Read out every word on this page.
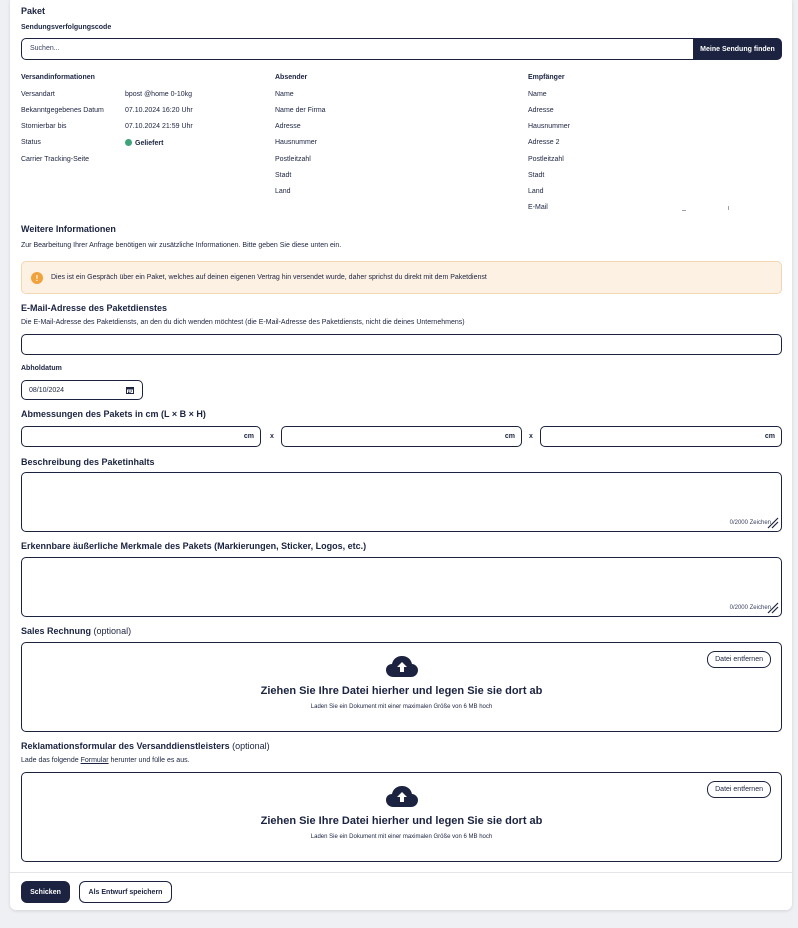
Paket
Sendungsverfolgungscode
Suchen...	Meine Sendung finden
Versandinformationen
Versandart	bpost @home 0-10kg
Bekanntgegebenes Datum	07.10.2024 16:20 Uhr
Stornierbar bis	07.10.2024 21:59 Uhr
Status	Geliefert
Carrier Tracking-Seite
Absender
Name
Name der Firma
Adresse
Hausnummer
Postleitzahl
Stadt
Land
Empfänger
Name
Adresse
Hausnummer
Adresse 2
Postleitzahl
Stadt
Land
E-Mail
Weitere Informationen
Zur Bearbeitung Ihrer Anfrage benötigen wir zusätzliche Informationen. Bitte geben Sie diese unten ein.
!	Dies ist ein Gespräch über ein Paket, welches auf deinen eigenen Vertrag hin versendet wurde, daher sprichst du direkt mit dem Paketdienst
E-Mail-Adresse des Paketdienstes
Die E-Mail-Adresse des Paketdiensts, an den du dich wenden möchtest (die E-Mail-Adresse des Paketdiensts, nicht die deines Unternehmens)
Abholdatum
08/10/2024
Abmessungen des Pakets in cm (L × B × H)
cm x	cm x	cm
Beschreibung des Paketinhalts
0/2000 Zeichen
Erkennbare äußerliche Merkmale des Pakets (Markierungen, Sticker, Logos, etc.)
0/2000 Zeichen
Sales Rechnung (optional)
Ziehen Sie Ihre Datei hierher und legen Sie sie dort ab
Laden Sie ein Dokument mit einer maximalen Größe von 6 MB hoch
Datei entfernen
Reklamationsformular des Versanddienstleisters (optional)
Lade das folgende Formular herunter und fülle es aus.
Ziehen Sie Ihre Datei hierher und legen Sie sie dort ab
Laden Sie ein Dokument mit einer maximalen Größe von 6 MB hoch
Datei entfernen
Schicken	Als Entwurf speichern
